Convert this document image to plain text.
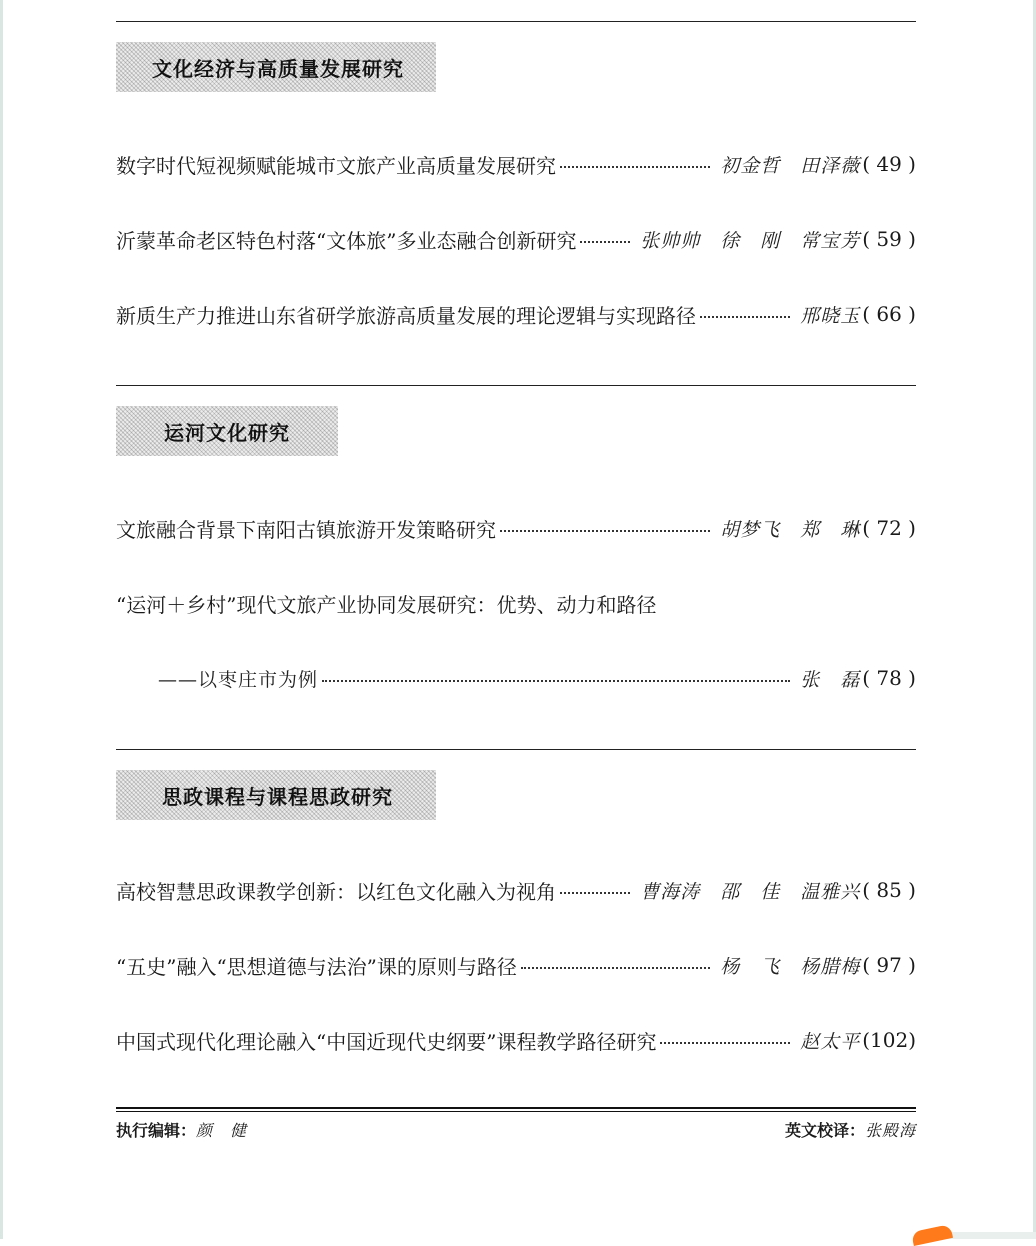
文化经济与高质量发展研究
数字时代短视频赋能城市文旅产业高质量发展研究	初金哲　田泽薇 ( 49 )
沂蒙革命老区特色村落“文体旅”多业态融合创新研究	张帅帅　徐　刚　常宝芳 ( 59 )
新质生产力推进山东省研学旅游高质量发展的理论逻辑与实现路径	邢晓玉 ( 66 )
运河文化研究
文旅融合背景下南阳古镇旅游开发策略研究	胡梦飞　郑　琳 ( 72 )
“运河＋乡村”现代文旅产业协同发展研究：优势、动力和路径
——以枣庄市为例	张　磊 ( 78 )
思政课程与课程思政研究
高校智慧思政课教学创新：以红色文化融入为视角	曹海涛　邵　佳　温雅兴 ( 85 )
“五史”融入“思想道德与法治”课的原则与路径	杨　飞　杨腊梅 ( 97 )
中国式现代化理论融入“中国近现代史纲要”课程教学路径研究	赵太平 (102)
执行编辑： 颜　健	英文校译： 张殿海
